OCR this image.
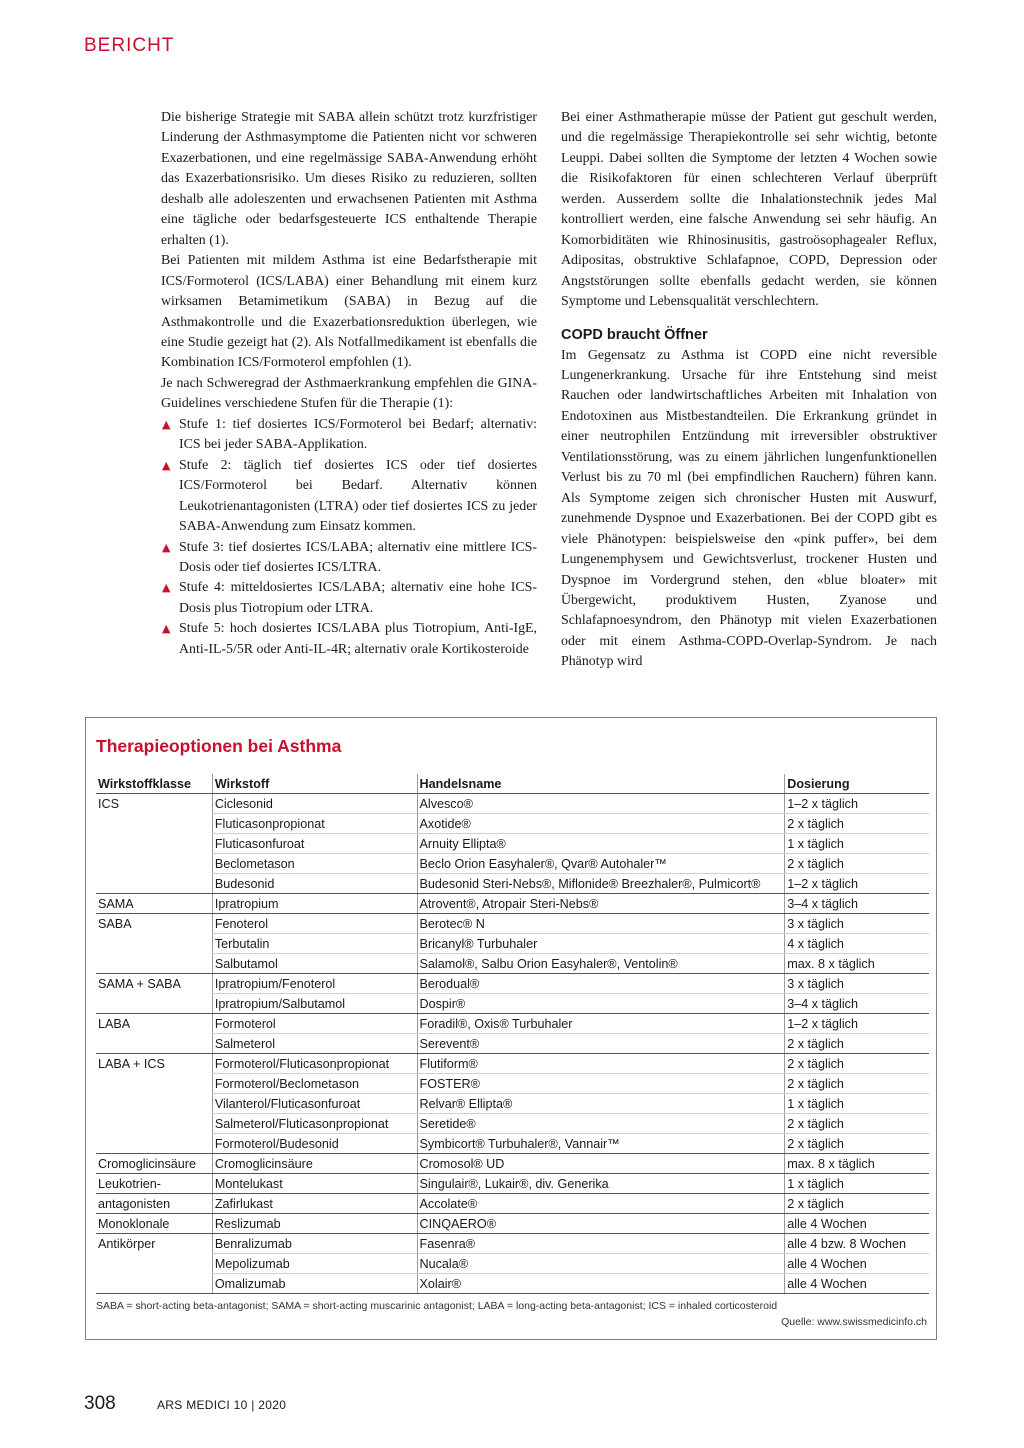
BERICHT

Die bisherige Strategie mit SABA allein schützt trotz kurzfristiger Linderung der Asthmasymptome die Patienten nicht vor schweren Exazerbationen, und eine regelmässige SABA-Anwendung erhöht das Exazerbationsrisiko. Um dieses Risiko zu reduzieren, sollten deshalb alle adoleszenten und erwachsenen Patienten mit Asthma eine tägliche oder bedarfsgesteuerte ICS enthaltende Therapie erhalten (1).

Bei Patienten mit mildem Asthma ist eine Bedarfstherapie mit ICS/Formoterol (ICS/LABA) einer Behandlung mit einem kurz wirksamen Betamimetikum (SABA) in Bezug auf die Asthmakontrolle und die Exazerbationsreduktion überlegen, wie eine Studie gezeigt hat (2). Als Notfallmedikament ist ebenfalls die Kombination ICS/Formoterol empfohlen (1).

Je nach Schweregrad der Asthmaerkrankung empfehlen die GINA-Guidelines verschiedene Stufen für die Therapie (1):

▲ Stufe 1: tief dosiertes ICS/Formoterol bei Bedarf; alternativ: ICS bei jeder SABA-Applikation.
▲ Stufe 2: täglich tief dosiertes ICS oder tief dosiertes ICS/Formoterol bei Bedarf. Alternativ können Leukotrienantagonisten (LTRA) oder tief dosiertes ICS zu jeder SABA-Anwendung zum Einsatz kommen.
▲ Stufe 3: tief dosiertes ICS/LABA; alternativ eine mittlere ICS-Dosis oder tief dosiertes ICS/LTRA.
▲ Stufe 4: mitteldosiertes ICS/LABA; alternativ eine hohe ICS-Dosis plus Tiotropium oder LTRA.
▲ Stufe 5: hoch dosiertes ICS/LABA plus Tiotropium, Anti-IgE, Anti-IL-5/5R oder Anti-IL-4R; alternativ orale Kortikosteroide

Bei einer Asthmatherapie müsse der Patient gut geschult werden, und die regelmässige Therapiekontrolle sei sehr wichtig, betonte Leuppi. Dabei sollten die Symptome der letzten 4 Wochen sowie die Risikofaktoren für einen schlechteren Verlauf überprüft werden. Ausserdem sollte die Inhalationstechnik jedes Mal kontrolliert werden, eine falsche Anwendung sei sehr häufig. An Komorbiditäten wie Rhinosinusitis, gastroösophagealer Reflux, Adipositas, obstruktive Schlafapnoe, COPD, Depression oder Angststörungen sollte ebenfalls gedacht werden, sie können Symptome und Lebensqualität verschlechtern.

COPD braucht Öffner

Im Gegensatz zu Asthma ist COPD eine nicht reversible Lungenerkrankung. Ursache für ihre Entstehung sind meist Rauchen oder landwirtschaftliches Arbeiten mit Inhalation von Endotoxinen aus Mistbestandteilen. Die Erkrankung gründet in einer neutrophilen Entzündung mit irreversibler obstruktiver Ventilationsstörung, was zu einem jährlichen lungenfunktionellen Verlust bis zu 70 ml (bei empfindlichen Rauchern) führen kann. Als Symptome zeigen sich chronischer Husten mit Auswurf, zunehmende Dyspnoe und Exazerbationen. Bei der COPD gibt es viele Phänotypen: beispielsweise den «pink puffer», bei dem Lungenemphysem und Gewichtsverlust, trockener Husten und Dyspnoe im Vordergrund stehen, den «blue bloater» mit Übergewicht, produktivem Husten, Zyanose und Schlafapnoesyndrom, den Phänotyp mit vielen Exazerbationen oder mit einem Asthma-COPD-Overlap-Syndrom. Je nach Phänotyp wird

Therapieoptionen bei Asthma
Wirkstoffklasse	Wirkstoff	Handelsname	Dosierung
ICS	Ciclesonid	Alvesco®	1–2 x täglich
	Fluticasonpropionat	Axotide®	2 x täglich
	Fluticasonfuroat	Arnuity Ellipta®	1 x täglich
	Beclometason	Beclo Orion Easyhaler®, Qvar® Autohaler™	2 x täglich
	Budesonid	Budesonid Steri-Nebs®, Miflonide® Breezhaler®, Pulmicort®	1–2 x täglich
SAMA	Ipratropium	Atrovent®, Atropair Steri-Nebs®	3–4 x täglich
SABA	Fenoterol	Berotec® N	3 x täglich
	Terbutalin	Bricanyl® Turbuhaler	4 x täglich
	Salbutamol	Salamol®, Salbu Orion Easyhaler®, Ventolin®	max. 8 x täglich
SAMA + SABA	Ipratropium/Fenoterol	Berodual®	3 x täglich
	Ipratropium/Salbutamol	Dospir®	3–4 x täglich
LABA	Formoterol	Foradil®, Oxis® Turbuhaler	1–2 x täglich
	Salmeterol	Serevent®	2 x täglich
LABA + ICS	Formoterol/Fluticasonpropionat	Flutiform®	2 x täglich
	Formoterol/Beclometason	FOSTER®	2 x täglich
	Vilanterol/Fluticasonfuroat	Relvar® Ellipta®	1 x täglich
	Salmeterol/Fluticasonpropionat	Seretide®	2 x täglich
	Formoterol/Budesonid	Symbicort® Turbuhaler®, Vannair™	2 x täglich
Cromoglicinsäure	Cromoglicinsäure	Cromosol® UD	max. 8 x täglich
Leukotrien-	Montelukast	Singulair®, Lukair®, div. Generika	1 x täglich
antagonisten	Zafirlukast	Accolate®	2 x täglich
Monoklonale	Reslizumab	CINQAERO®	alle 4 Wochen
Antikörper	Benralizumab	Fasenra®	alle 4 bzw. 8 Wochen
	Mepolizumab	Nucala®	alle 4 Wochen
	Omalizumab	Xolair®	alle 4 Wochen
SABA = short-acting beta-antagonist; SAMA = short-acting muscarinic antagonist; LABA = long-acting beta-antagonist; ICS = inhaled corticosteroid
Quelle: www.swissmedicinfo.ch
308	ARS MEDICI 10 | 2020
